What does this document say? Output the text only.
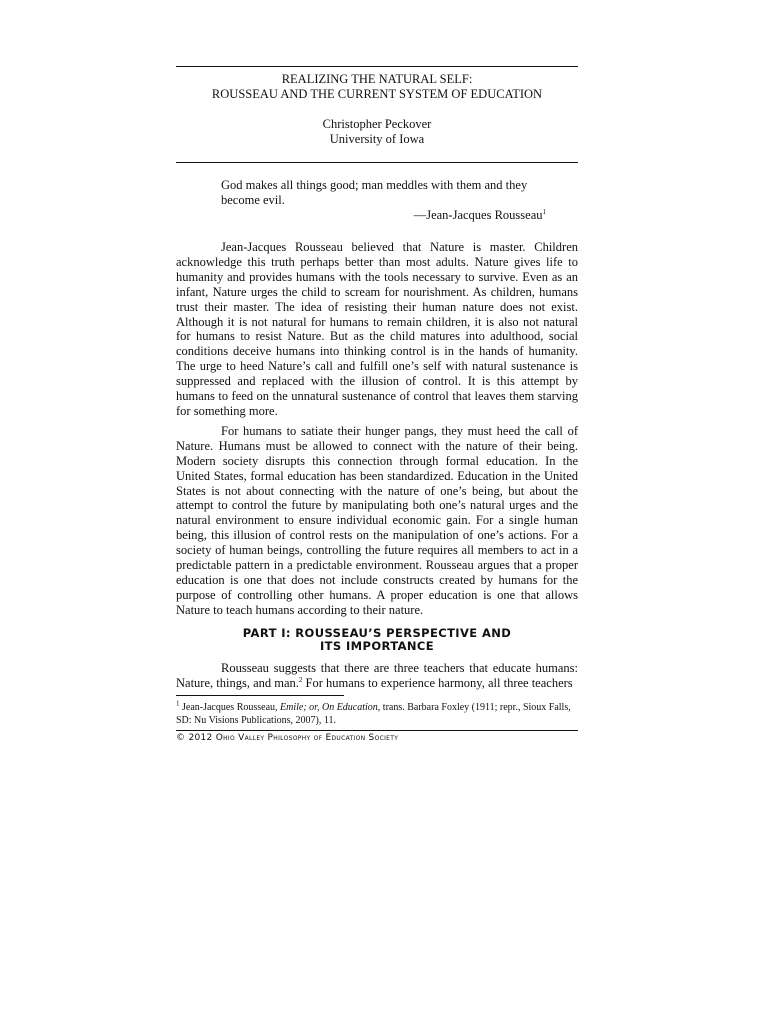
REALIZING THE NATURAL SELF:
ROUSSEAU AND THE CURRENT SYSTEM OF EDUCATION
Christopher Peckover
University of Iowa
God makes all things good; man meddles with them and they become evil.
—Jean-Jacques Rousseau$^1$

Jean-Jacques Rousseau believed that Nature is master. Children acknowledge this truth perhaps better than most adults. Nature gives life to humanity and provides humans with the tools necessary to survive. Even as an infant, Nature urges the child to scream for nourishment. As children, humans trust their master. The idea of resisting their human nature does not exist. Although it is not natural for humans to remain children, it is also not natural for humans to resist Nature. But as the child matures into adulthood, social conditions deceive humans into thinking control is in the hands of humanity. The urge to heed Nature’s call and fulfill one’s self with natural sustenance is suppressed and replaced with the illusion of control. It is this attempt by humans to feed on the unnatural sustenance of control that leaves them starving for something more.

For humans to satiate their hunger pangs, they must heed the call of Nature. Humans must be allowed to connect with the nature of their being. Modern society disrupts this connection through formal education. In the United States, formal education has been standardized. Education in the United States is not about connecting with the nature of one’s being, but about the attempt to control the future by manipulating both one’s natural urges and the natural environment to ensure individual economic gain. For a single human being, this illusion of control rests on the manipulation of one’s actions. For a society of human beings, controlling the future requires all members to act in a predictable pattern in a predictable environment. Rousseau argues that a proper education is one that does not include constructs created by humans for the purpose of controlling other humans. A proper education is one that allows Nature to teach humans according to their nature.

PART I: ROUSSEAU’S PERSPECTIVE AND
ITS IMPORTANCE

Rousseau suggests that there are three teachers that educate humans: Nature, things, and man.$^2$ For humans to experience harmony, all three teachers

$^1$ Jean-Jacques Rousseau, Emile; or, On Education, trans. Barbara Foxley (1911; repr., Sioux Falls, SD: Nu Visions Publications, 2007), 11.
© 2012 Ohio Valley Philosophy of Education Society
